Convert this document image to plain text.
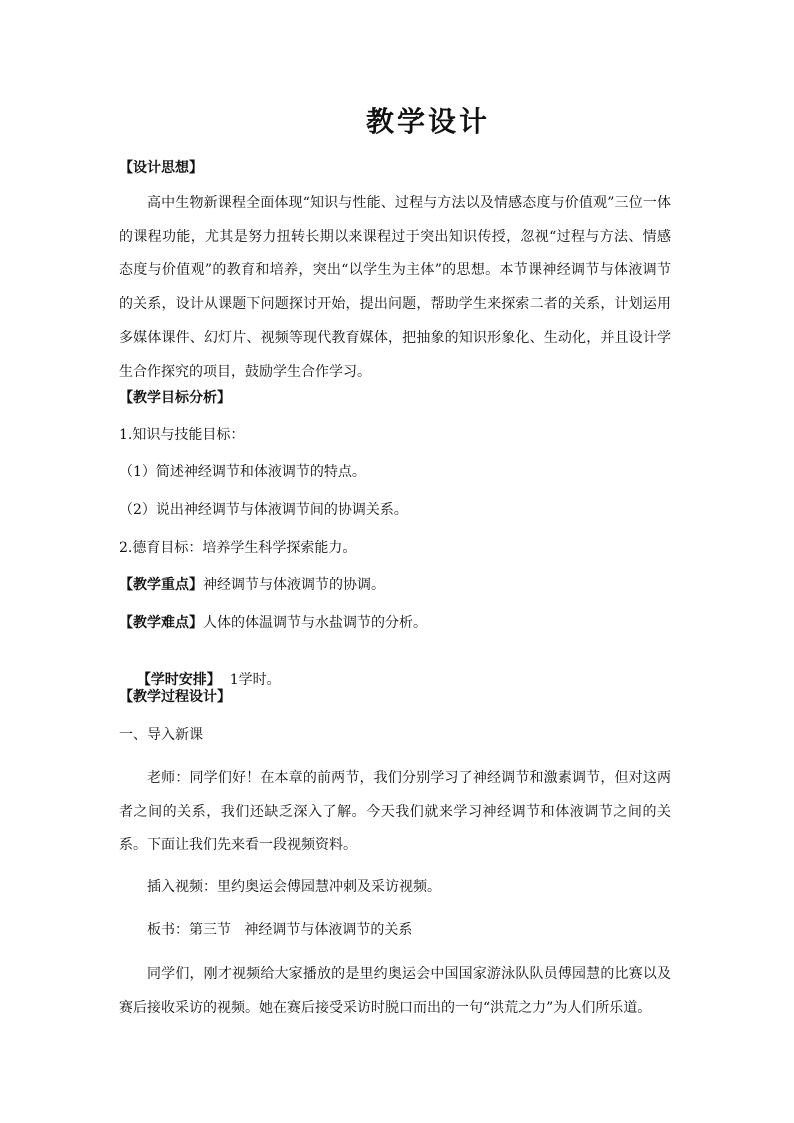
教学设计
【设计思想】
高中生物新课程全面体现“知识与性能、过程与方法以及情感态度与价值观”三位一体的课程功能，尤其是努力扭转长期以来课程过于突出知识传授，忽视“过程与方法、情感态度与价值观”的教育和培养，突出“以学生为主体”的思想。本节课神经调节与体液调节的关系，设计从课题下问题探讨开始，提出问题，帮助学生来探索二者的关系，计划运用多媒体课件、幻灯片、视频等现代教育媒体，把抽象的知识形象化、生动化，并且设计学生合作探究的项目，鼓励学生合作学习。
【教学目标分析】
1.知识与技能目标：
（1）简述神经调节和体液调节的特点。
（2）说出神经调节与体液调节间的协调关系。
2.德育目标：培养学生科学探索能力。
【教学重点】神经调节与体液调节的协调。
【教学难点】人体的体温调节与水盐调节的分析。

【学时安排】  1学时。

【教学过程设计】
一、导入新课
老师：同学们好！在本章的前两节，我们分别学习了神经调节和激素调节，但对这两者之间的关系，我们还缺乏深入了解。今天我们就来学习神经调节和体液调节之间的关系。下面让我们先来看一段视频资料。
插入视频：里约奥运会傅园慧冲刺及采访视频。
板书：第三节   神经调节与体液调节的关系
同学们，刚才视频给大家播放的是里约奥运会中国国家游泳队队员傅园慧的比赛以及赛后接收采访的视频。她在赛后接受采访时脱口而出的一句“洪荒之力”为人们所乐道。
